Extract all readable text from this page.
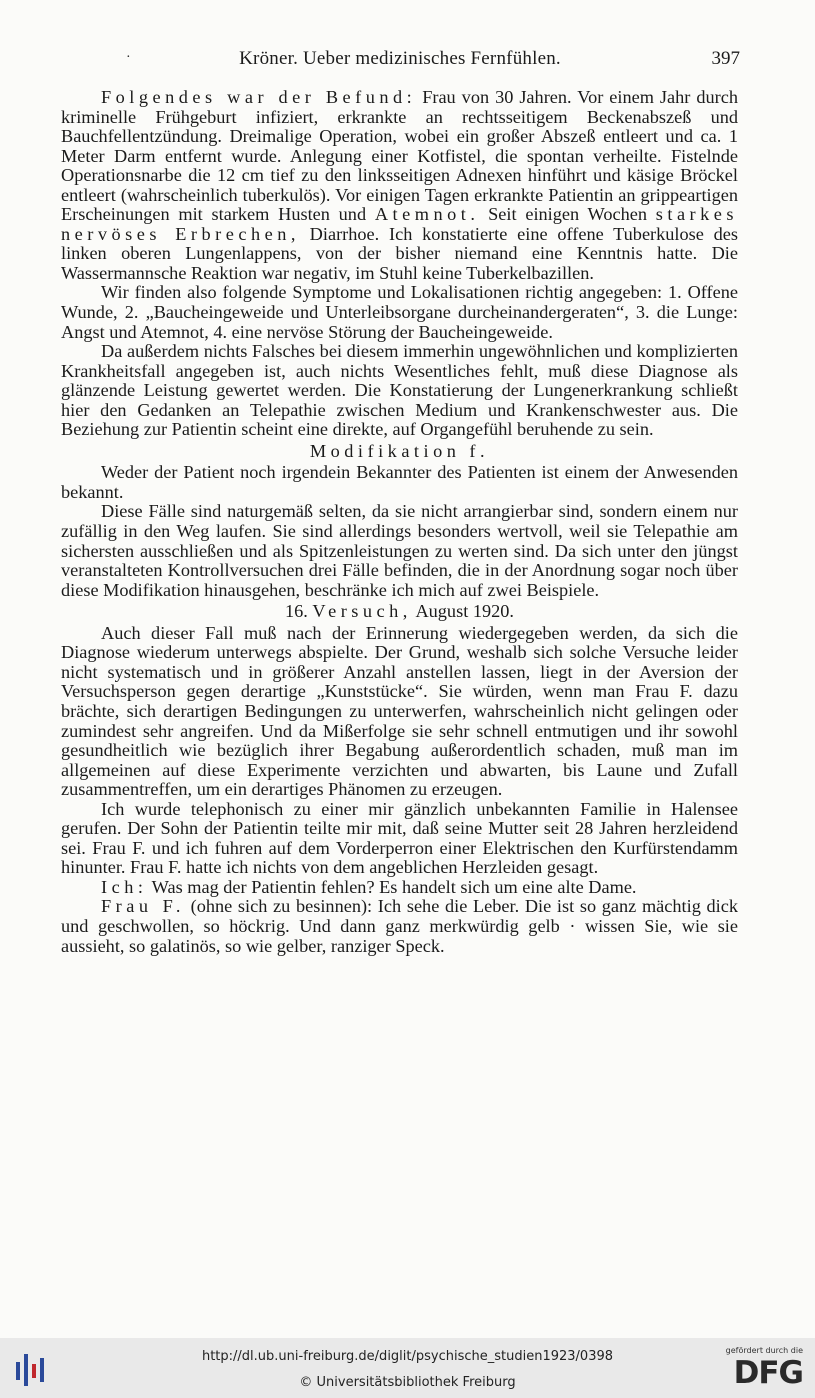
·	Kröner. Ueber medizinisches Fernfühlen.	397

Folgendes war der Befund: Frau von 30 Jahren. Vor einem Jahr durch kriminelle Frühgeburt infiziert, erkrankte an rechtsseitigem Beckenabszeß und Bauchfellentzündung. Dreimalige Operation, wobei ein großer Abszeß entleert und ca. 1 Meter Darm entfernt wurde. Anlegung einer Kotfistel, die spontan verheilte. Fistelnde Operationsnarbe die 12 cm tief zu den linksseitigen Adnexen hinführt und käsige Bröckel entleert (wahrscheinlich tuberkulös). Vor einigen Tagen erkrankte Patientin an grippeartigen Erscheinungen mit starkem Husten und Atemnot. Seit einigen Wochen starkes nervöses Erbrechen, Diarrhoe. Ich konstatierte eine offene Tuberkulose des linken oberen Lungenlappens, von der bisher niemand eine Kenntnis hatte. Die Wassermannsche Reaktion war negativ, im Stuhl keine Tuberkelbazillen.

Wir finden also folgende Symptome und Lokalisationen richtig angegeben: 1. Offene Wunde, 2. „Baucheingeweide und Unterleibsorgane durcheinandergeraten“, 3. die Lunge: Angst und Atemnot, 4. eine nervöse Störung der Baucheingeweide.

Da außerdem nichts Falsches bei diesem immerhin ungewöhnlichen und komplizierten Krankheitsfall angegeben ist, auch nichts Wesentliches fehlt, muß diese Diagnose als glänzende Leistung gewertet werden. Die Konstatierung der Lungenerkrankung schließt hier den Gedanken an Telepathie zwischen Medium und Krankenschwester aus. Die Beziehung zur Patientin scheint eine direkte, auf Organgefühl beruhende zu sein.

Modifikation f.

Weder der Patient noch irgendein Bekannter des Patienten ist einem der Anwesenden bekannt.

Diese Fälle sind naturgemäß selten, da sie nicht arrangierbar sind, sondern einem nur zufällig in den Weg laufen. Sie sind allerdings besonders wertvoll, weil sie Telepathie am sichersten ausschließen und als Spitzenleistungen zu werten sind. Da sich unter den jüngst veranstalteten Kontrollversuchen drei Fälle befinden, die in der Anordnung sogar noch über diese Modifikation hinausgehen, beschränke ich mich auf zwei Beispiele.

16. Versuch, August 1920.

Auch dieser Fall muß nach der Erinnerung wiedergegeben werden, da sich die Diagnose wiederum unterwegs abspielte. Der Grund, weshalb sich solche Versuche leider nicht systematisch und in größerer Anzahl anstellen lassen, liegt in der Aversion der Versuchsperson gegen derartige „Kunststücke“. Sie würden, wenn man Frau F. dazu brächte, sich derartigen Bedingungen zu unterwerfen, wahrscheinlich nicht gelingen oder zumindest sehr angreifen. Und da Mißerfolge sie sehr schnell entmutigen und ihr sowohl gesundheitlich wie bezüglich ihrer Begabung außerordentlich schaden, muß man im allgemeinen auf diese Experimente verzichten und abwarten, bis Laune und Zufall zusammentreffen, um ein derartiges Phänomen zu erzeugen.

Ich wurde telephonisch zu einer mir gänzlich unbekannten Familie in Halensee gerufen. Der Sohn der Patientin teilte mir mit, daß seine Mutter seit 28 Jahren herzleidend sei. Frau F. und ich fuhren auf dem Vorderperron einer Elektrischen den Kurfürstendamm hinunter. Frau F. hatte ich nichts von dem angeblichen Herzleiden gesagt.

Ich: Was mag der Patientin fehlen? Es handelt sich um eine alte Dame.

Frau F. (ohne sich zu besinnen): Ich sehe die Leber. Die ist so ganz mächtig dick und geschwollen, so höckrig. Und dann ganz merkwürdig gelb · wissen Sie, wie sie aussieht, so galatinös, so wie gelber, ranziger Speck.

http://dl.ub.uni-freiburg.de/diglit/psychische_studien1923/0398
© Universitätsbibliothek Freiburg
gefördert durch die
DFG
